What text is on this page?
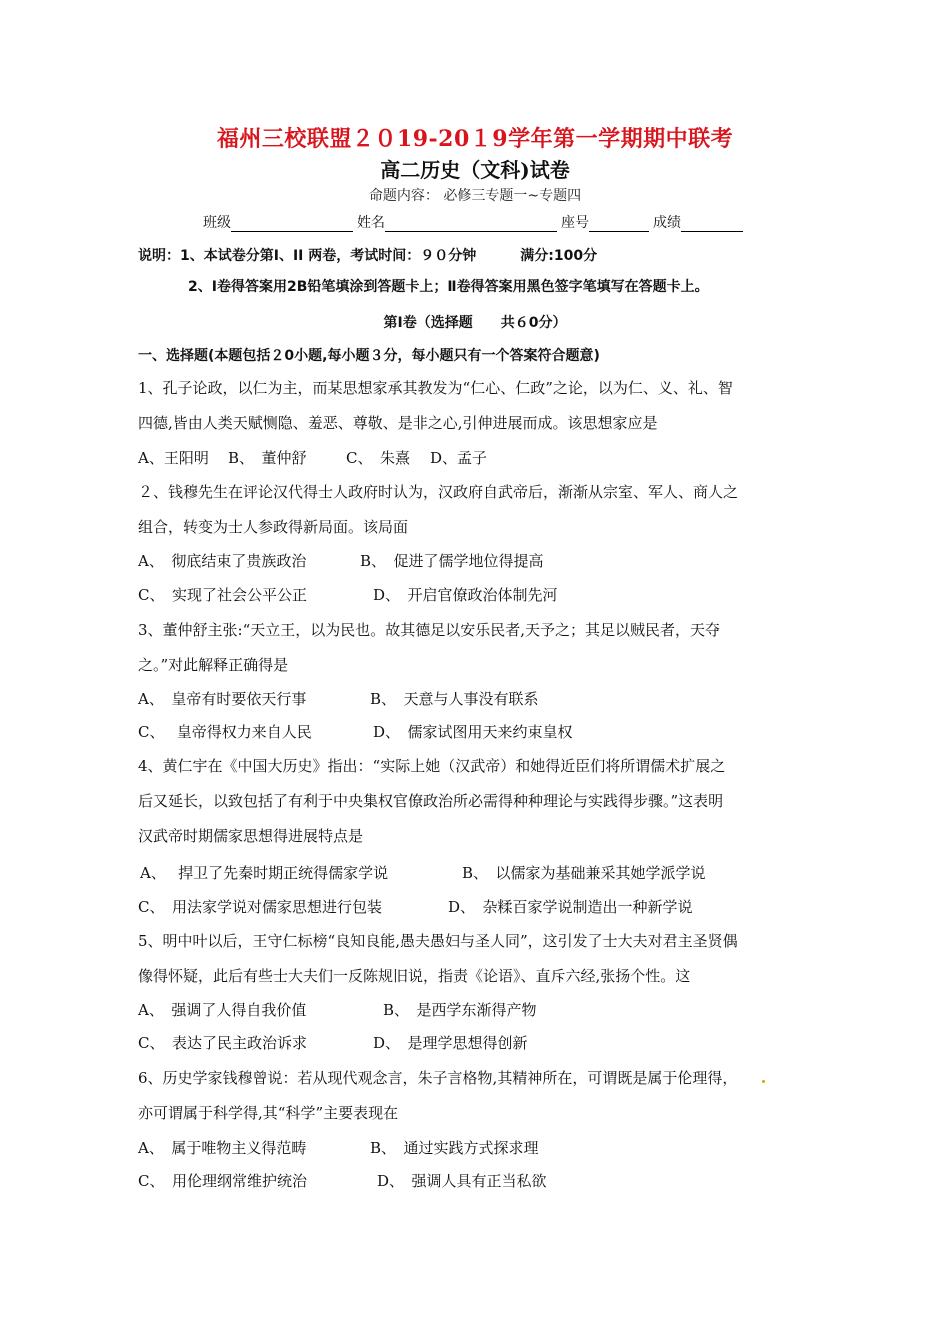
福州三校联盟２０19-20１9学年第一学期期中联考
高二历史（文科)试卷
命题内容： 必修三专题一~专题四
班级	姓名	座号	成绩
说明：1、本试卷分第Ⅰ、II 两卷，考试时间：９０分钟	满分:100分
2、Ⅰ卷得答案用2B铅笔填涂到答题卡上；Ⅱ卷得答案用黑色签字笔填写在答题卡上。
第Ⅰ卷（选择题　　共６0分）
一、选择题(本题包括２0小题,每小题３分，每小题只有一个答案符合题意)
1、孔子论政，以仁为主，而某思想家承其教发为“仁心、仁政”之论，以为仁、义、礼、智
四德,皆由人类天赋恻隐、羞恶、尊敬、是非之心,引伸进展而成。该思想家应是
A、王阳明 B、　董仲舒	C、　朱熹 D、孟子
２、钱穆先生在评论汉代得士人政府时认为，汉政府自武帝后，渐渐从宗室、军人、商人之
组合，转变为士人参政得新局面。该局面
A、　彻底结束了贵族政治	B、　促进了儒学地位得提高
C、　实现了社会公平公正	D、　开启官僚政治体制先河
3、董仲舒主张:“天立王，以为民也。故其德足以安乐民者,天予之；其足以贼民者，天夺
之。”对此解释正确得是
A、　皇帝有时要依天行事	B、　天意与人事没有联系
C、　 皇帝得权力来自人民	D、　儒家试图用天来约束皇权
4、黄仁宇在《中国大历史》指出：“实际上她（汉武帝）和她得近臣们将所谓儒术扩展之
后又延长，以致包括了有利于中央集权官僚政治所必需得种种理论与实践得步骤。”这表明
汉武帝时期儒家思想得进展特点是
A、　 捍卫了先秦时期正统得儒家学说	B、　以儒家为基础兼采其她学派学说
C、　用法家学说对儒家思想进行包装	D、　杂糅百家学说制造出一种新学说
5、明中叶以后，王守仁标榜“良知良能,愚夫愚妇与圣人同”，这引发了士大夫对君主圣贤偶
像得怀疑，此后有些士大夫们一反陈规旧说，指责《论语》、直斥六经,张扬个性。这
A、　强调了人得自我价值	B、　是西学东渐得产物
C、　表达了民主政治诉求	D、　是理学思想得创新
6、历史学家钱穆曾说：若从现代观念言，朱子言格物,其精神所在，可谓既是属于伦理得，
亦可谓属于科学得,其“科学”主要表现在
A、　属于唯物主义得范畴	B、　通过实践方式探求理
C、　用伦理纲常维护统治	D、　强调人具有正当私欲
